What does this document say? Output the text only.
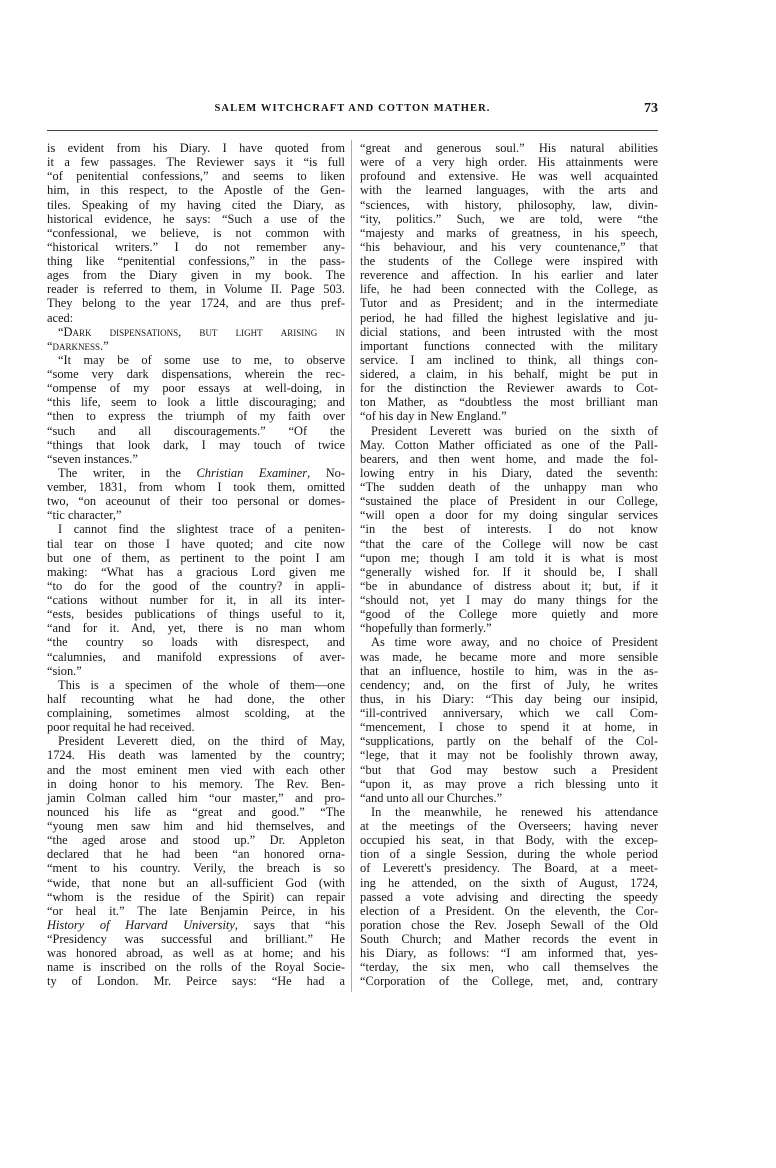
SALEM WITCHCRAFT AND COTTON MATHER.	73
is evident from his Diary. I have quoted from
it a few passages. The Reviewer says it “is full
“of penitential confessions,” and seems to liken
him, in this respect, to the Apostle of the Gen-
tiles. Speaking of my having cited the Diary, as
historical evidence, he says: “Such a use of the
“confessional, we believe, is not common with
“historical writers.” I do not remember any-
thing like “penitential confessions,” in the pass-
ages from the Diary given in my book. The
reader is referred to them, in Volume II. Page 503.
They belong to the year 1724, and are thus pref-
aced:
“Dark dispensations, but light arising in
“darkness.”
“It may be of some use to me, to observe
“some very dark dispensations, wherein the rec-
“ompense of my poor essays at well-doing, in
“this life, seem to look a little discouraging; and
“then to express the triumph of my faith over
“such and all discouragements.” “Of the
“things that look dark, I may touch of twice
“seven instances.”
The writer, in the Christian Examiner, No-
vember, 1831, from whom I took them, omitted
two, “on aceounut of their too personal or domes-
“tic character,”
I cannot find the slightest trace of a peniten-
tial tear on those I have quoted; and cite now
but one of them, as pertinent to the point I am
making: “What has a gracious Lord given me
“to do for the good of the country? in appli-
“cations without number for it, in all its inter-
“ests, besides publications of things useful to it,
“and for it. And, yet, there is no man whom
“the country so loads with disrespect, and
“calumnies, and manifold expressions of aver-
“sion.”
This is a specimen of the whole of them—one
half recounting what he had done, the other
complaining, sometimes almost scolding, at the
poor requital he had received.
President Leverett died, on the third of May,
1724. His death was lamented by the country;
and the most eminent men vied with each other
in doing honor to his memory. The Rev. Ben-
jamin Colman called him “our master,” and pro-
nounced his life as “great and good.” “The
“young men saw him and hid themselves, and
“the aged arose and stood up.” Dr. Appleton
declared that he had been “an honored orna-
“ment to his country. Verily, the breach is so
“wide, that none but an all-sufficient God (with
“whom is the residue of the Spirit) can repair
“or heal it.” The late Benjamin Peirce, in his
History of Harvard University, says that “his
“Presidency was successful and brilliant.” He
was honored abroad, as well as at home; and his
name is inscribed on the rolls of the Royal Socie-
ty of London. Mr. Peirce says: “He had a
“great and generous soul.” His natural abilities
were of a very high order. His attainments were
profound and extensive. He was well acquainted
with the learned languages, with the arts and
“sciences, with history, philosophy, law, divin-
“ity, politics.” Such, we are told, were “the
“majesty and marks of greatness, in his speech,
“his behaviour, and his very countenance,” that
the students of the College were inspired with
reverence and affection. In his earlier and later
life, he had been connected with the College, as
Tutor and as President; and in the intermediate
period, he had filled the highest legislative and ju-
dicial stations, and been intrusted with the most
important functions connected with the military
service. I am inclined to think, all things con-
sidered, a claim, in his behalf, might be put in
for the distinction the Reviewer awards to Cot-
ton Mather, as “doubtless the most brilliant man
“of his day in New England.”
President Leverett was buried on the sixth of
May. Cotton Mather officiated as one of the Pall-
bearers, and then went home, and made the fol-
lowing entry in his Diary, dated the seventh:
“The sudden death of the unhappy man who
“sustained the place of President in our College,
“will open a door for my doing singular services
“in the best of interests. I do not know
“that the care of the College will now be cast
“upon me; though I am told it is what is most
“generally wished for. If it should be, I shall
“be in abundance of distress about it; but, if it
“should not, yet I may do many things for the
“good of the College more quietly and more
“hopefully than formerly.”
As time wore away, and no choice of President
was made, he became more and more sensible
that an influence, hostile to him, was in the as-
cendency; and, on the first of July, he writes
thus, in his Diary: “This day being our insipid,
“ill-contrived anniversary, which we call Com-
“mencement, I chose to spend it at home, in
“supplications, partly on the behalf of the Col-
“lege, that it may not be foolishly thrown away,
“but that God may bestow such a President
“upon it, as may prove a rich blessing unto it
“and unto all our Churches.”
In the meanwhile, he renewed his attendance
at the meetings of the Overseers; having never
occupied his seat, in that Body, with the excep-
tion of a single Session, during the whole period
of Leverett's presidency. The Board, at a meet-
ing he attended, on the sixth of August, 1724,
passed a vote advising and directing the speedy
election of a President. On the eleventh, the Cor-
poration chose the Rev. Joseph Sewall of the Old
South Church; and Mather records the event in
his Diary, as follows: “I am informed that, yes-
“terday, the six men, who call themselves the
“Corporation of the College, met, and, contrary
